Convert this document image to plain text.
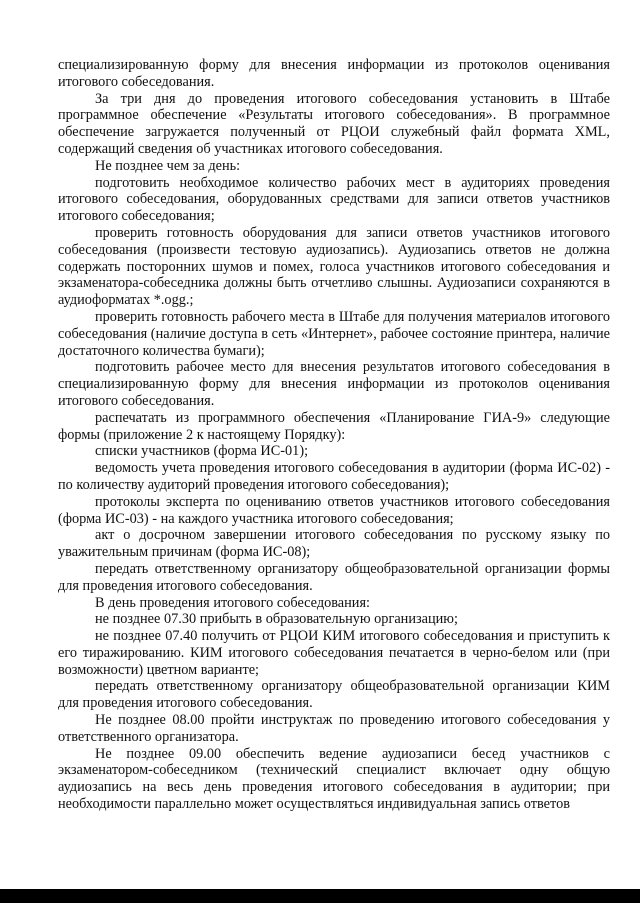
специализированную форму для внесения информации из протоколов оценивания итогового собеседования.

За три дня до проведения итогового собеседования установить в Штабе программное обеспечение «Результаты итогового собеседования». В программное обеспечение загружается полученный от РЦОИ служебный файл формата XML, содержащий сведения об участниках итогового собеседования.

Не позднее чем за день:

подготовить необходимое количество рабочих мест в аудиториях проведения итогового собеседования, оборудованных средствами для записи ответов участников итогового собеседования;

проверить готовность оборудования для записи ответов участников итогового собеседования (произвести тестовую аудиозапись). Аудиозапись ответов не должна содержать посторонних шумов и помех, голоса участников итогового собеседования и экзаменатора-собеседника должны быть отчетливо слышны. Аудиозаписи сохраняются в аудиоформатах *.ogg.;

проверить готовность рабочего места в Штабе для получения материалов итогового собеседования (наличие доступа в сеть «Интернет», рабочее состояние принтера, наличие достаточного количества бумаги);

подготовить рабочее место для внесения результатов итогового собеседования в специализированную форму для внесения информации из протоколов оценивания итогового собеседования.

распечатать из программного обеспечения «Планирование ГИА-9» следующие формы (приложение 2 к настоящему Порядку):

списки участников (форма ИС-01);

ведомость учета проведения итогового собеседования в аудитории (форма ИС-02) - по количеству аудиторий проведения итогового собеседования);

протоколы эксперта по оцениванию ответов участников итогового собеседования (форма ИС-03) - на каждого участника итогового собеседования;

акт о досрочном завершении итогового собеседования по русскому языку по уважительным причинам (форма ИС-08);

передать ответственному организатору общеобразовательной организации формы для проведения итогового собеседования.

В день проведения итогового собеседования:

не позднее 07.30 прибыть в образовательную организацию;

не позднее 07.40 получить от РЦОИ КИМ итогового собеседования и приступить к его тиражированию. КИМ итогового собеседования печатается в черно-белом или (при возможности) цветном варианте;

передать ответственному организатору общеобразовательной организации КИМ для проведения итогового собеседования.

Не позднее 08.00 пройти инструктаж по проведению итогового собеседования у ответственного организатора.

Не позднее 09.00 обеспечить ведение аудиозаписи бесед участников с экзаменатором-собеседником (технический специалист включает одну общую аудиозапись на весь день проведения итогового собеседования в аудитории; при необходимости параллельно может осуществляться индивидуальная запись ответов
